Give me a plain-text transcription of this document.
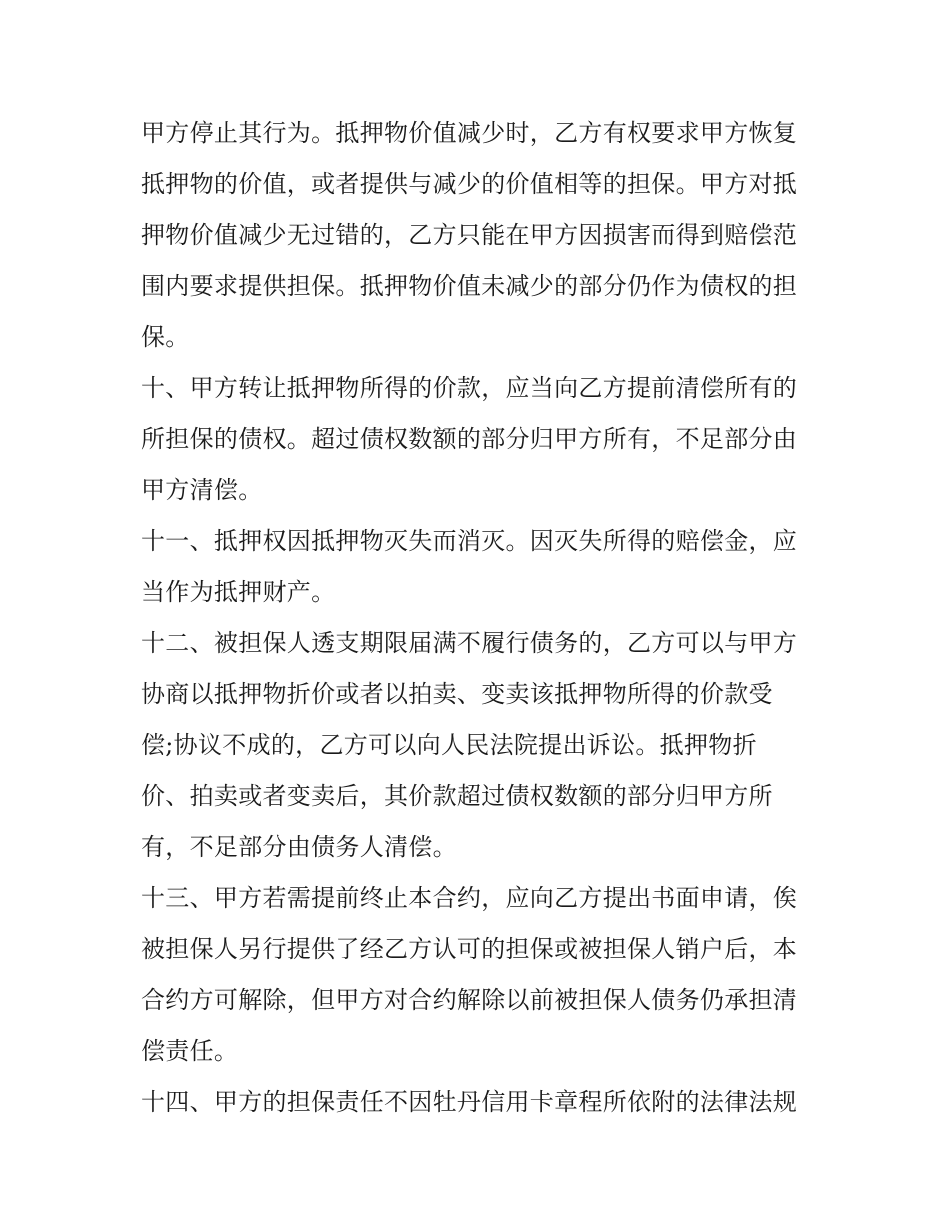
甲方停止其行为。抵押物价值减少时，乙方有权要求甲方恢复
抵押物的价值，或者提供与减少的价值相等的担保。甲方对抵
押物价值减少无过错的，乙方只能在甲方因损害而得到赔偿范
围内要求提供担保。抵押物价值未减少的部分仍作为债权的担
保。
十、甲方转让抵押物所得的价款，应当向乙方提前清偿所有的
所担保的债权。超过债权数额的部分归甲方所有，不足部分由
甲方清偿。
十一、抵押权因抵押物灭失而消灭。因灭失所得的赔偿金，应
当作为抵押财产。
十二、被担保人透支期限届满不履行债务的，乙方可以与甲方
协商以抵押物折价或者以拍卖、变卖该抵押物所得的价款受
偿;协议不成的，乙方可以向人民法院提出诉讼。抵押物折
价、拍卖或者变卖后，其价款超过债权数额的部分归甲方所
有，不足部分由债务人清偿。
十三、甲方若需提前终止本合约，应向乙方提出书面申请，俟
被担保人另行提供了经乙方认可的担保或被担保人销户后，本
合约方可解除，但甲方对合约解除以前被担保人债务仍承担清
偿责任。
十四、甲方的担保责任不因牡丹信用卡章程所依附的法律法规
